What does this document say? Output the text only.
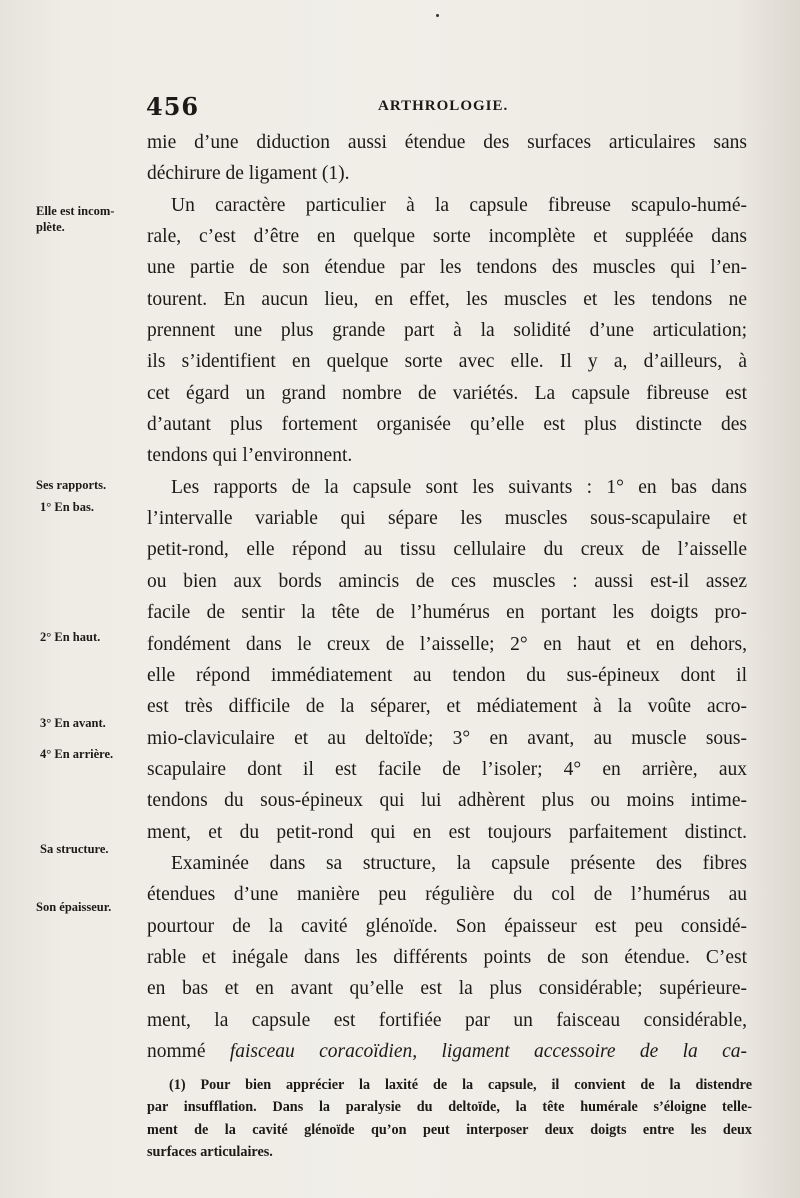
456	ARTHROLOGIE.
Elle est incom-
plète.
Ses rapports.
1° En bas.
2° En haut.
3° En avant.
4° En arrière.
Sa structure.
Son épaisseur.
mie d’une diduction aussi étendue des surfaces articulaires sans
déchirure de ligament (1).
Un caractère particulier à la capsule fibreuse scapulo-humé-
rale, c’est d’être en quelque sorte incomplète et suppléée dans
une partie de son étendue par les tendons des muscles qui l’en-
tourent. En aucun lieu, en effet, les muscles et les tendons ne
prennent une plus grande part à la solidité d’une articulation;
ils s’identifient en quelque sorte avec elle. Il y a, d’ailleurs, à
cet égard un grand nombre de variétés. La capsule fibreuse est
d’autant plus fortement organisée qu’elle est plus distincte des
tendons qui l’environnent.
Les rapports de la capsule sont les suivants : 1° en bas dans
l’intervalle variable qui sépare les muscles sous-scapulaire et
petit-rond, elle répond au tissu cellulaire du creux de l’aisselle
ou bien aux bords amincis de ces muscles : aussi est-il assez
facile de sentir la tête de l’humérus en portant les doigts pro-
fondément dans le creux de l’aisselle; 2° en haut et en dehors,
elle répond immédiatement au tendon du sus-épineux dont il
est très difficile de la séparer, et médiatement à la voûte acro-
mio-claviculaire et au deltoïde; 3° en avant, au muscle sous-
scapulaire dont il est facile de l’isoler; 4° en arrière, aux
tendons du sous-épineux qui lui adhèrent plus ou moins intime-
ment, et du petit-rond qui en est toujours parfaitement distinct.
Examinée dans sa structure, la capsule présente des fibres
étendues d’une manière peu régulière du col de l’humérus au
pourtour de la cavité glénoïde. Son épaisseur est peu considé-
rable et inégale dans les différents points de son étendue. C’est
en bas et en avant qu’elle est la plus considérable; supérieure-
ment, la capsule est fortifiée par un faisceau considérable,
nommé faisceau coracoïdien, ligament accessoire de la ca-
(1) Pour bien apprécier la laxité de la capsule, il convient de la distendre
par insufflation. Dans la paralysie du deltoïde, la tête humérale s’éloigne telle-
ment de la cavité glénoïde qu’on peut interposer deux doigts entre les deux
surfaces articulaires.
